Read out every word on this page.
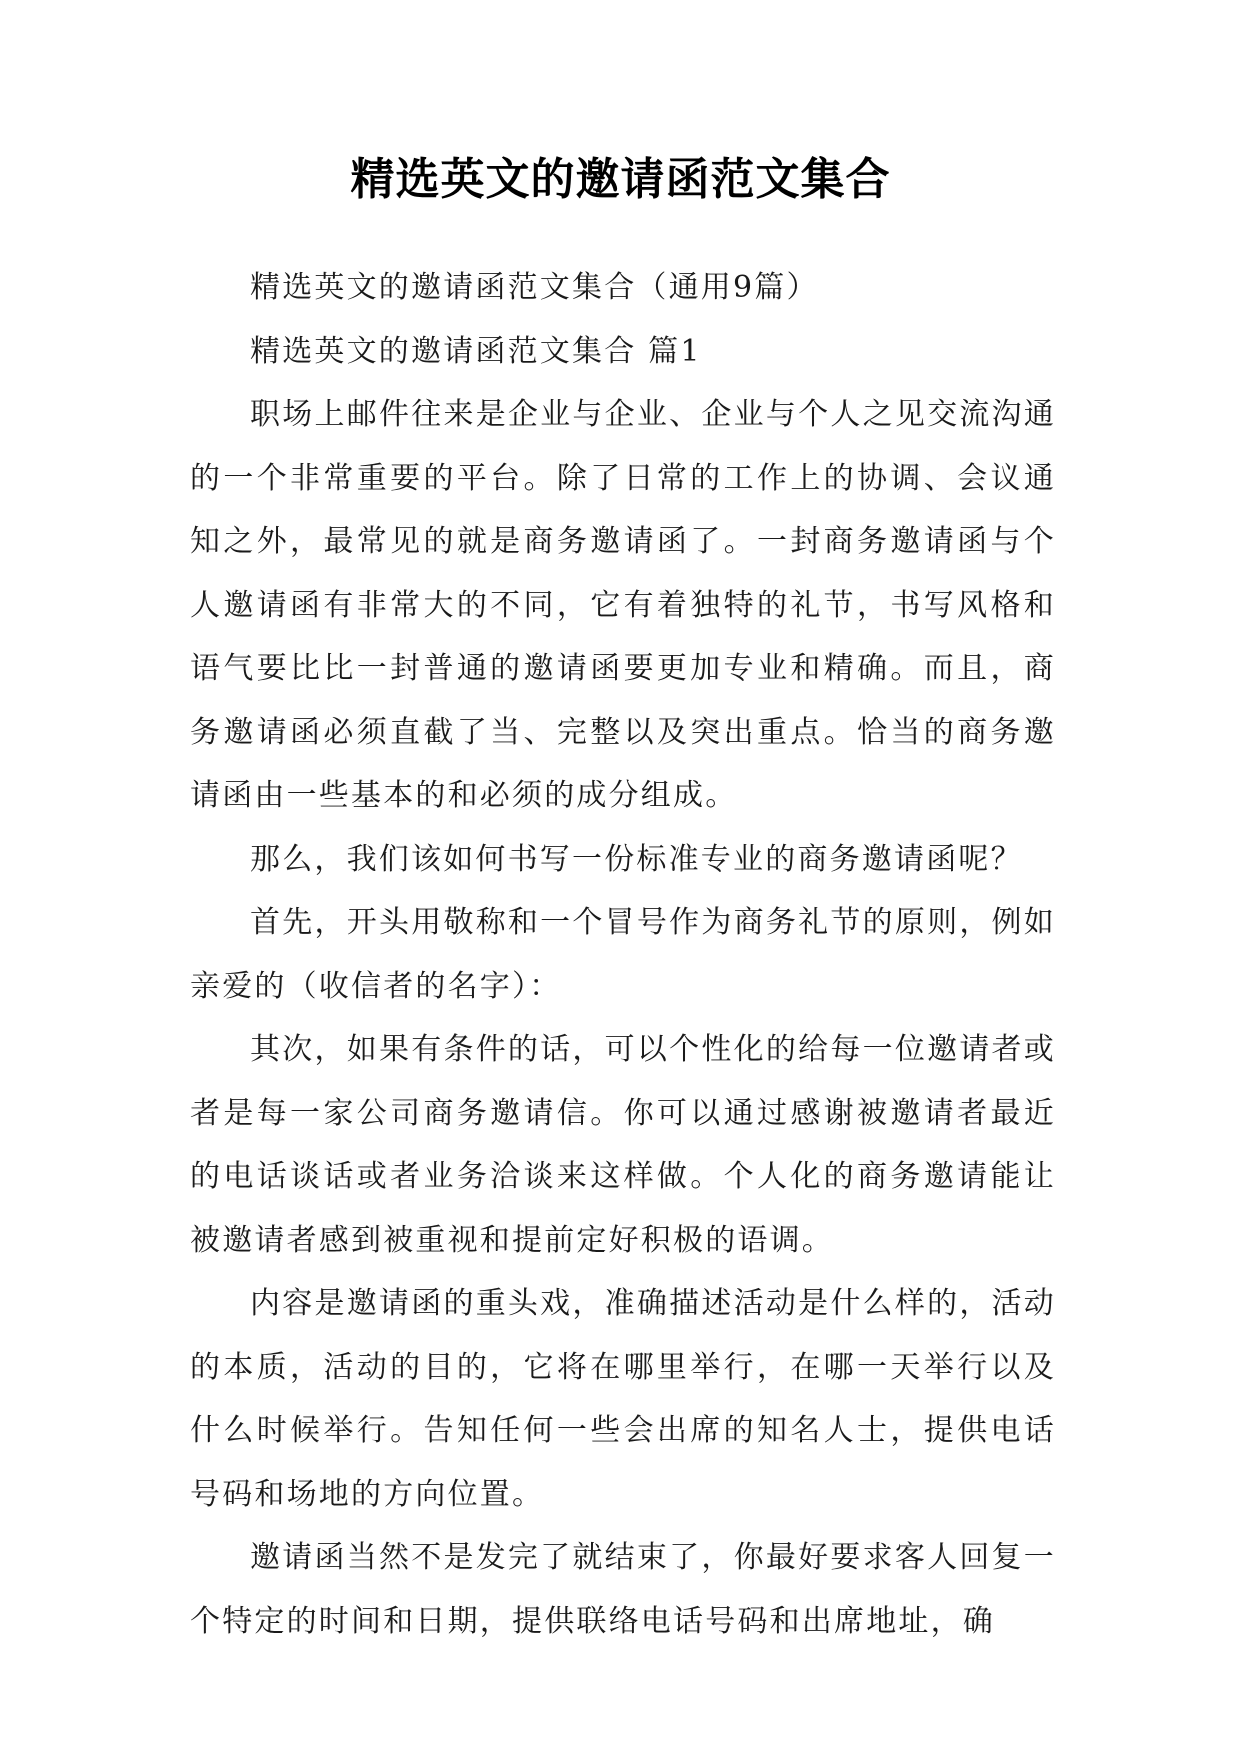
精选英文的邀请函范文集合

精选英文的邀请函范文集合（通用9篇）

精选英文的邀请函范文集合 篇1

职场上邮件往来是企业与企业、企业与个人之见交流沟通的一个非常重要的平台。除了日常的工作上的协调、会议通知之外，最常见的就是商务邀请函了。一封商务邀请函与个人邀请函有非常大的不同，它有着独特的礼节，书写风格和语气要比比一封普通的邀请函要更加专业和精确。而且，商务邀请函必须直截了当、完整以及突出重点。恰当的商务邀请函由一些基本的和必须的成分组成。

那么，我们该如何书写一份标准专业的商务邀请函呢？

首先，开头用敬称和一个冒号作为商务礼节的原则，例如亲爱的（收信者的名字）：

其次，如果有条件的话，可以个性化的给每一位邀请者或者是每一家公司商务邀请信。你可以通过感谢被邀请者最近的电话谈话或者业务洽谈来这样做。个人化的商务邀请能让被邀请者感到被重视和提前定好积极的语调。

内容是邀请函的重头戏，准确描述活动是什么样的，活动的本质，活动的目的，它将在哪里举行，在哪一天举行以及什么时候举行。告知任何一些会出席的知名人士，提供电话号码和场地的方向位置。

邀请函当然不是发完了就结束了，你最好要求客人回复一个特定的时间和日期，提供联络电话号码和出席地址，确
